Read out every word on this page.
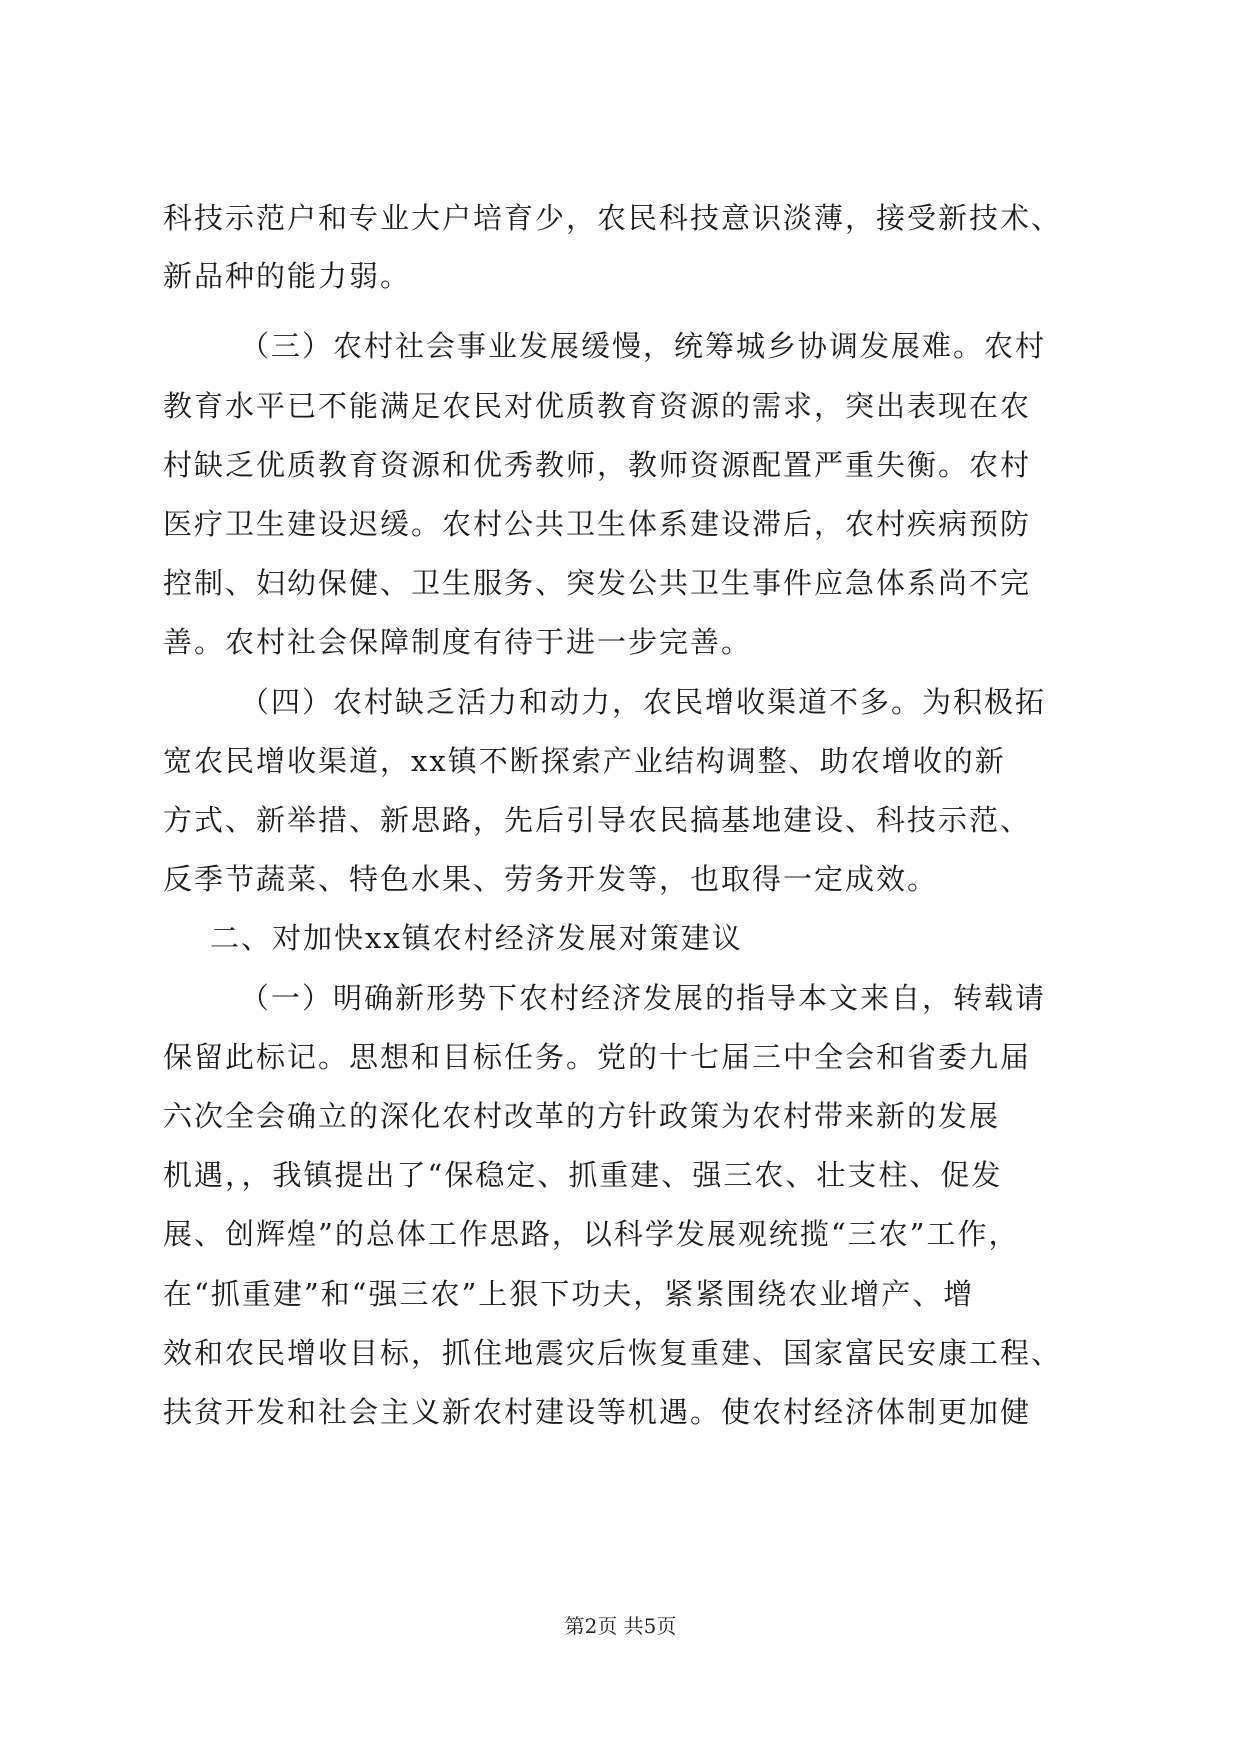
科技示范户和专业大户培育少，农民科技意识淡薄，接受新技术、
新品种的能力弱。
（三）农村社会事业发展缓慢，统筹城乡协调发展难。农村
教育水平已不能满足农民对优质教育资源的需求，突出表现在农
村缺乏优质教育资源和优秀教师，教师资源配置严重失衡。农村
医疗卫生建设迟缓。农村公共卫生体系建设滞后，农村疾病预防
控制、妇幼保健、卫生服务、突发公共卫生事件应急体系尚不完
善。农村社会保障制度有待于进一步完善。
（四）农村缺乏活力和动力，农民增收渠道不多。为积极拓
宽农民增收渠道，xx镇不断探索产业结构调整、助农增收的新
方式、新举措、新思路，先后引导农民搞基地建设、科技示范、
反季节蔬菜、特色水果、劳务开发等，也取得一定成效。
二、对加快xx镇农村经济发展对策建议
（一）明确新形势下农村经济发展的指导本文来自，转载请
保留此标记。思想和目标任务。党的十七届三中全会和省委九届
六次全会确立的深化农村改革的方针政策为农村带来新的发展
机遇，，我镇提出了“保稳定、抓重建、强三农、壮支柱、促发
展、创辉煌”的总体工作思路，以科学发展观统揽“三农”工作，
在“抓重建”和“强三农”上狠下功夫，紧紧围绕农业增产、增
效和农民增收目标，抓住地震灾后恢复重建、国家富民安康工程、
扶贫开发和社会主义新农村建设等机遇。使农村经济体制更加健
第2页 共5页
